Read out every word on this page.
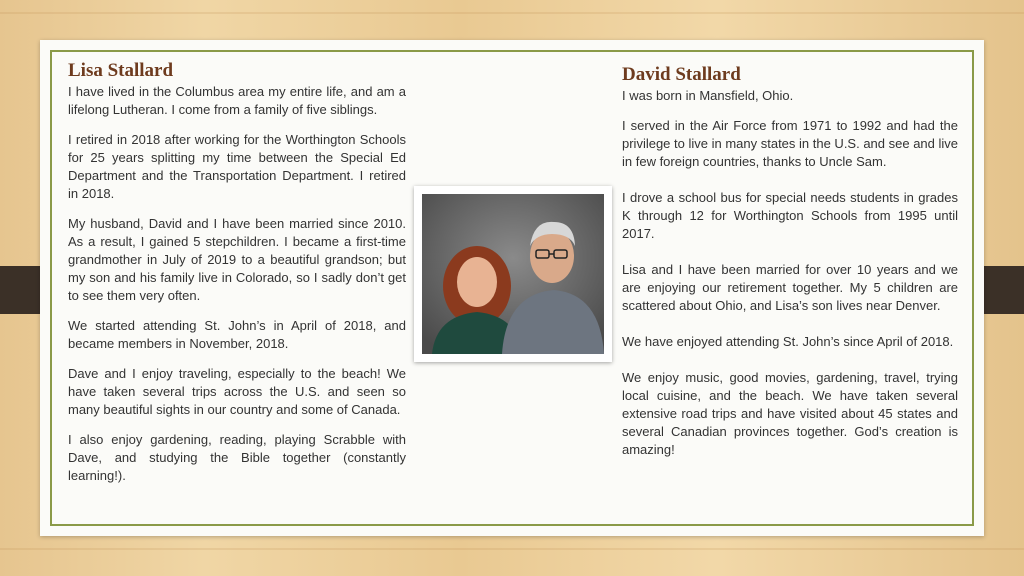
Lisa Stallard

I have lived in the Columbus area my entire life, and am a lifelong Lutheran. I come from a family of five siblings.

I retired in 2018 after working for the Worthington Schools for 25 years splitting my time between the Special Ed Department and the Transportation Department. I retired in 2018.

My husband, David and I have been married since 2010. As a result, I gained 5 stepchildren. I became a first-time grandmother in July of 2019 to a beautiful grandson; but my son and his family live in Colorado, so I sadly don’t get to see them very often.

We started attending St. John’s in April of 2018, and became members in November, 2018.

Dave and I enjoy traveling, especially to the beach! We have taken several trips across the U.S. and seen so many beautiful sights in our country and some of Canada.

I also enjoy gardening, reading, playing Scrabble with Dave, and studying the Bible together (constantly learning!).

David Stallard

I was born in Mansfield, Ohio.

I served in the Air Force from 1971 to 1992 and had the privilege to live in many states in the U.S. and see and live in few foreign countries, thanks to Uncle Sam.

I drove a school bus for special needs students in grades K through 12 for Worthington Schools from 1995 until 2017.

Lisa and I have been married for over 10 years and we are enjoying our retirement together. My 5 children are scattered about Ohio, and Lisa’s son lives near Denver.

We have enjoyed attending St. John’s since April of 2018.

We enjoy music, good movies, gardening, travel, trying local cuisine, and the beach. We have taken several extensive road trips and have visited about 45 states and several Canadian provinces together. God’s creation is amazing!
